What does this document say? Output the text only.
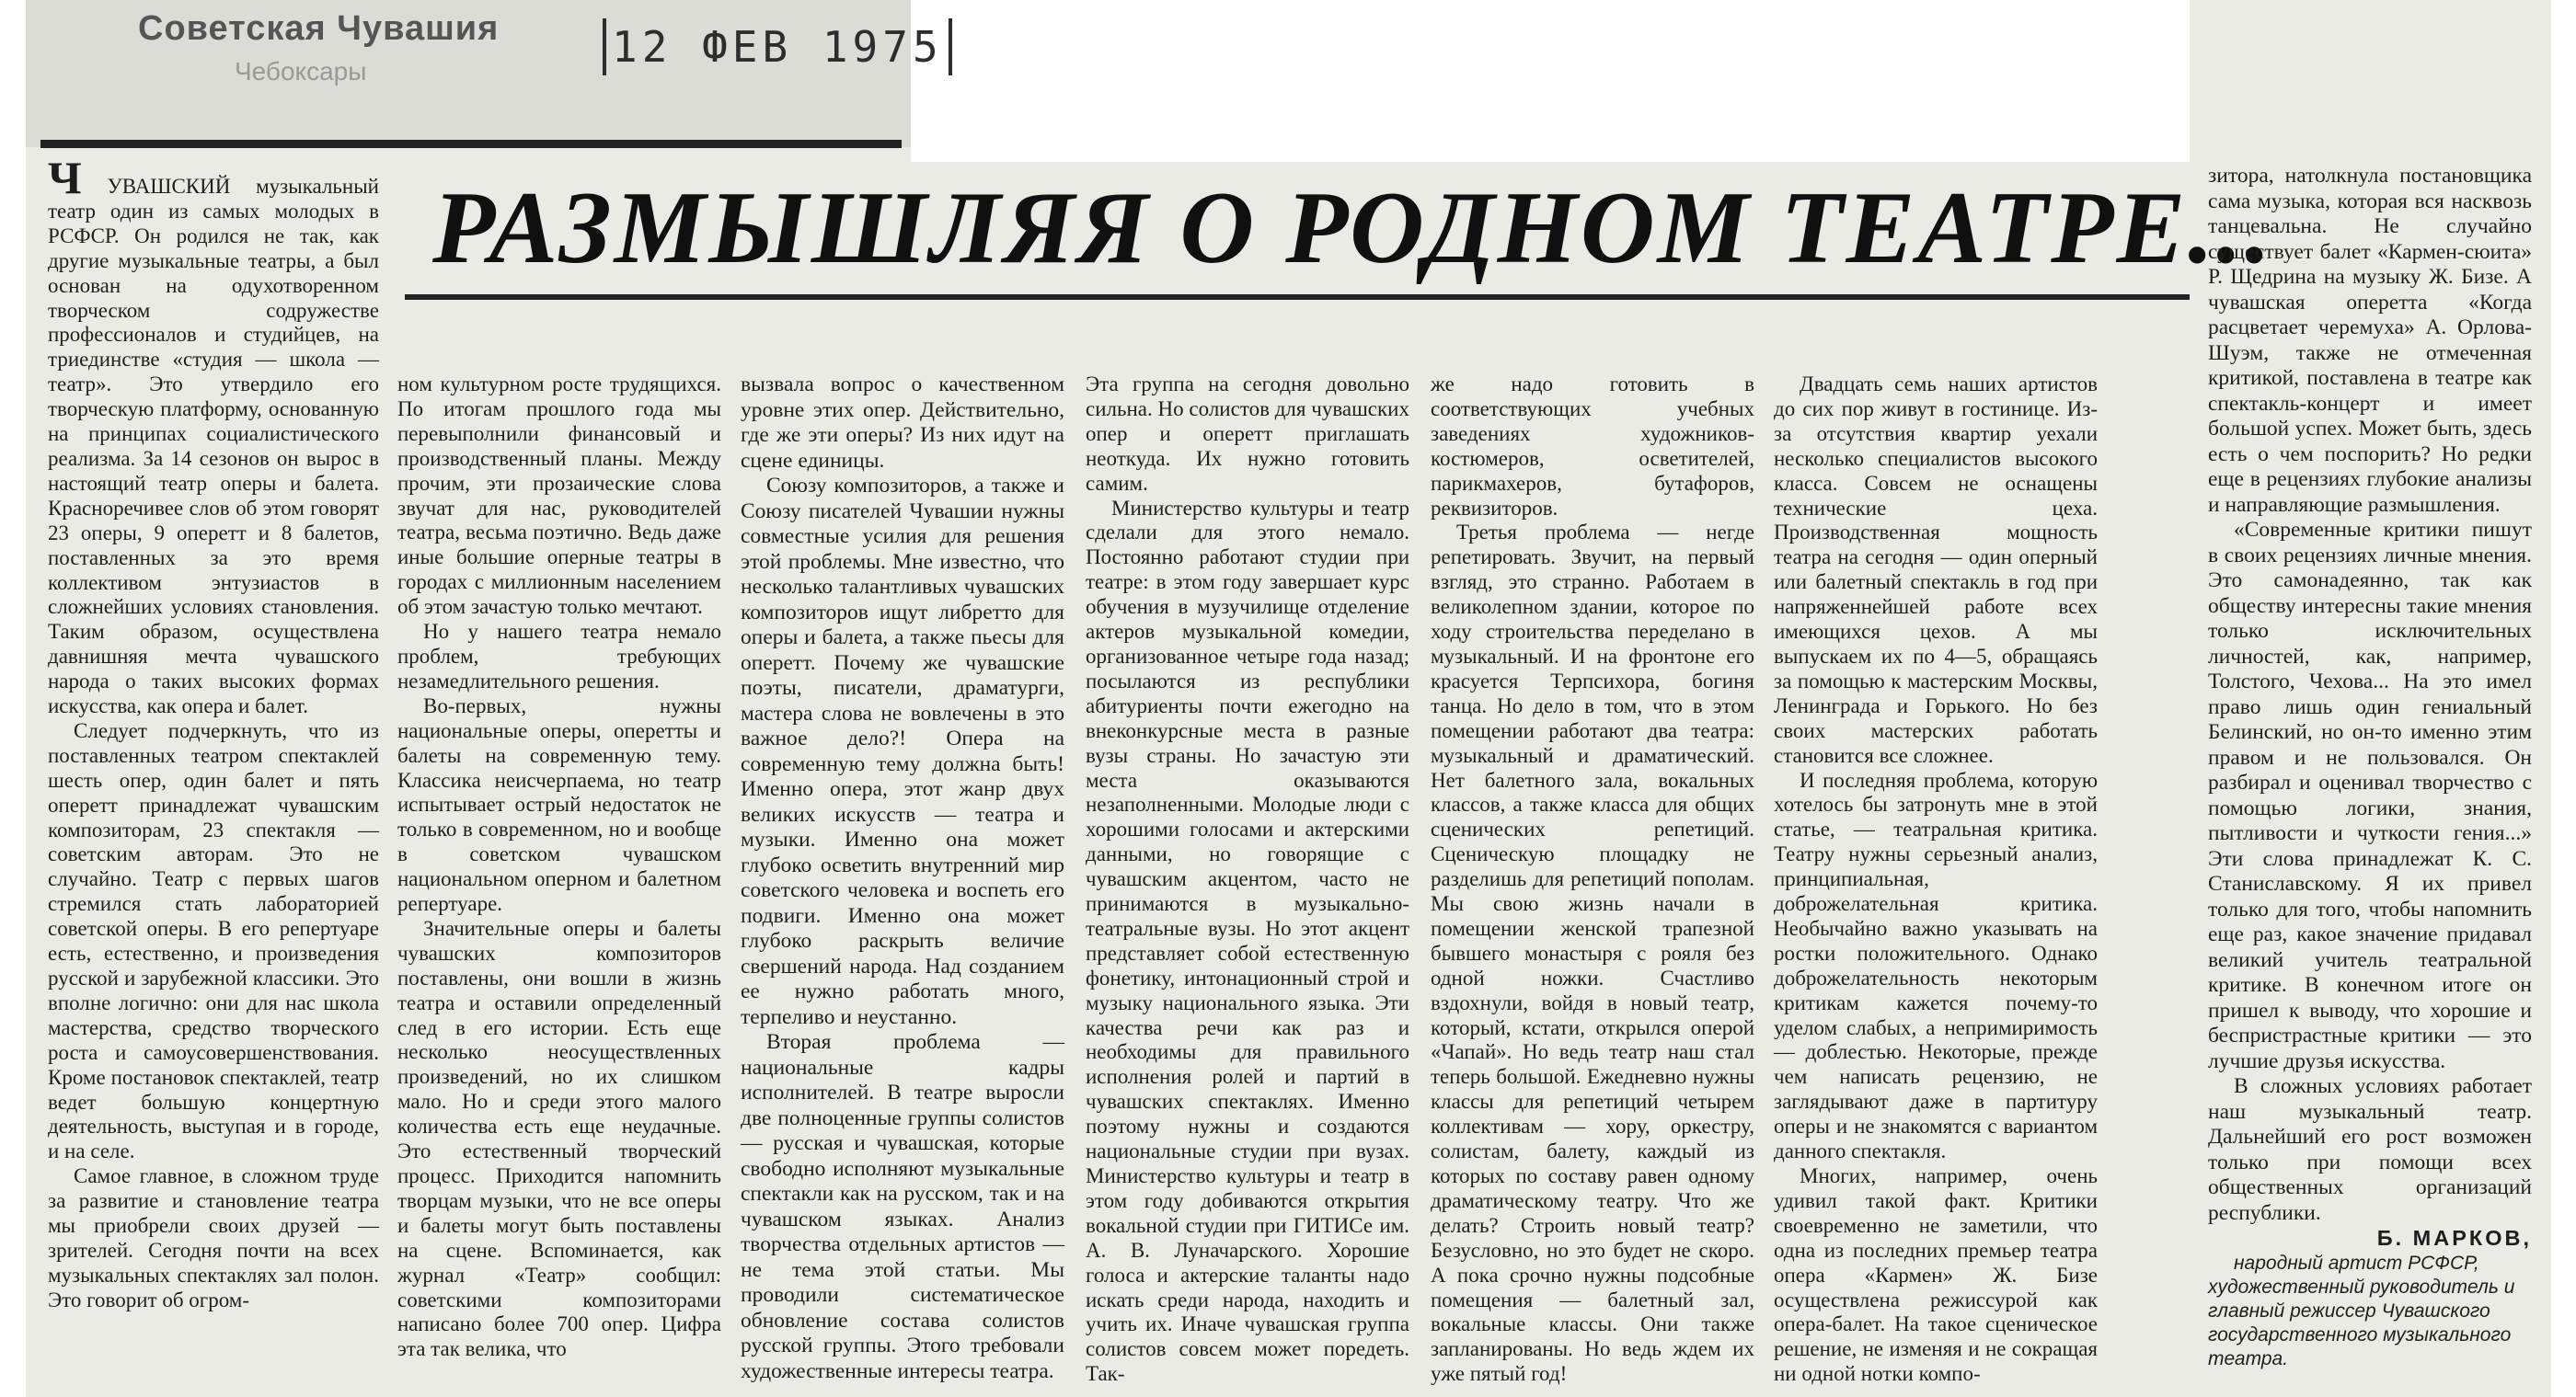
Советская Чувашия
Чебоксары	12 ФЕВ 1975
РАЗМЫШЛЯЯ О РОДНОМ ТЕАТРЕ...

Ч УВАШСКИЙ музыкальный театр один из самых молодых в РСФСР. Он родился не так, как другие музыкальные театры, а был основан на одухотворенном творческом содружестве профессионалов и студийцев, на триединстве «студия — школа — театр». Это утвердило его творческую платформу, основанную на принципах социалистического реализма. За 14 сезонов он вырос в настоящий театр оперы и балета. Красноречивее слов об этом говорят 23 оперы, 9 оперетт и 8 балетов, поставленных за это время коллективом энтузиастов в сложнейших условиях становления. Таким образом, осуществлена давнишняя мечта чувашского народа о таких высоких формах искусства, как опера и балет.

Следует подчеркнуть, что из поставленных театром спектаклей шесть опер, один балет и пять оперетт принадлежат чувашским композиторам, 23 спектакля — советским авторам. Это не случайно. Театр с первых шагов стремился стать лабораторией советской оперы. В его репертуаре есть, естественно, и произведения русской и зарубежной классики. Это вполне логично: они для нас школа мастерства, средство творческого роста и самоусовершенствования. Кроме постановок спектаклей, театр ведет большую концертную деятельность, выступая и в городе, и на селе.

Самое главное, в сложном труде за развитие и становление театра мы приобрели своих друзей — зрителей. Сегодня почти на всех музыкальных спектаклях зал полон. Это говорит об огром-

ном культурном росте трудящихся. По итогам прошлого года мы перевыполнили финансовый и производственный планы. Между прочим, эти прозаические слова звучат для нас, руководителей театра, весьма поэтично. Ведь даже иные большие оперные театры в городах с миллионным населением об этом зачастую только мечтают.

Но у нашего театра немало проблем, требующих незамедлительного решения.

Во-первых, нужны национальные оперы, оперетты и балеты на современную тему. Классика неисчерпаема, но театр испытывает острый недостаток не только в современном, но и вообще в советском чувашском национальном оперном и балетном репертуаре.

Значительные оперы и балеты чувашских композиторов поставлены, они вошли в жизнь театра и оставили определенный след в его истории. Есть еще несколько неосуществленных произведений, но их слишком мало. Но и среди этого малого количества есть еще неудачные. Это естественный творческий процесс. Приходится напомнить творцам музыки, что не все оперы и балеты могут быть поставлены на сцене. Вспоминается, как журнал «Театр» сообщил: советскими композиторами написано более 700 опер. Цифра эта так велика, что

вызвала вопрос о качественном уровне этих опер. Действительно, где же эти оперы? Из них идут на сцене единицы.

Союзу композиторов, а также и Союзу писателей Чувашии нужны совместные усилия для решения этой проблемы. Мне известно, что несколько талантливых чувашских композиторов ищут либретто для оперы и балета, а также пьесы для оперетт. Почему же чувашские поэты, писатели, драматурги, мастера слова не вовлечены в это важное дело?! Опера на современную тему должна быть! Именно опера, этот жанр двух великих искусств — театра и музыки. Именно она может глубоко осветить внутренний мир советского человека и воспеть его подвиги. Именно она может глубоко раскрыть величие свершений народа. Над созданием ее нужно работать много, терпеливо и неустанно.

Вторая проблема — национальные кадры исполнителей. В театре выросли две полноценные группы солистов — русская и чувашская, которые свободно исполняют музыкальные спектакли как на русском, так и на чувашском языках. Анализ творчества отдельных артистов — не тема этой статьи. Мы проводили систематическое обновление состава солистов русской группы. Этого требовали художественные интересы театра.

Эта группа на сегодня довольно сильна. Но солистов для чувашских опер и оперетт приглашать неоткуда. Их нужно готовить самим.

Министерство культуры и театр сделали для этого немало. Постоянно работают студии при театре: в этом году завершает курс обучения в музучилище отделение актеров музыкальной комедии, организованное четыре года назад; посылаются из республики абитуриенты почти ежегодно на внеконкурсные места в разные вузы страны. Но зачастую эти места оказываются незаполненными. Молодые люди с хорошими голосами и актерскими данными, но говорящие с чувашским акцентом, часто не принимаются в музыкально-театральные вузы. Но этот акцент представляет собой естественную фонетику, интонационный строй и музыку национального языка. Эти качества речи как раз и необходимы для правильного исполнения ролей и партий в чувашских спектаклях. Именно поэтому нужны и создаются национальные студии при вузах. Министерство культуры и театр в этом году добиваются открытия вокальной студии при ГИТИСе им. А. В. Луначарского. Хорошие голоса и актерские таланты надо искать среди народа, находить и учить их. Иначе чувашская группа солистов совсем может поредеть. Так-

же надо готовить в соответствующих учебных заведениях художников-костюмеров, осветителей, парикмахеров, бутафоров, реквизиторов.

Третья проблема — негде репетировать. Звучит, на первый взгляд, это странно. Работаем в великолепном здании, которое по ходу строительства переделано в музыкальный. И на фронтоне его красуется Терпсихора, богиня танца. Но дело в том, что в этом помещении работают два театра: музыкальный и драматический. Нет балетного зала, вокальных классов, а также класса для общих сценических репетиций. Сценическую площадку не разделишь для репетиций пополам. Мы свою жизнь начали в помещении женской трапезной бывшего монастыря с рояля без одной ножки. Счастливо вздохнули, войдя в новый театр, который, кстати, открылся оперой «Чапай». Но ведь театр наш стал теперь большой. Ежедневно нужны классы для репетиций четырем коллективам — хору, оркестру, солистам, балету, каждый из которых по составу равен одному драматическому театру. Что же делать? Строить новый театр? Безусловно, но это будет не скоро. А пока срочно нужны подсобные помещения — балетный зал, вокальные классы. Они также запланированы. Но ведь ждем их уже пятый год!

Двадцать семь наших артистов до сих пор живут в гостинице. Из-за отсутствия квартир уехали несколько специалистов высокого класса. Совсем не оснащены технические цеха. Производственная мощность театра на сегодня — один оперный или балетный спектакль в год при напряженнейшей работе всех имеющихся цехов. А мы выпускаем их по 4—5, обращаясь за помощью к мастерским Москвы, Ленинграда и Горького. Но без своих мастерских работать становится все сложнее.

И последняя проблема, которую хотелось бы затронуть мне в этой статье, — театральная критика. Театру нужны серьезный анализ, принципиальная, доброжелательная критика. Необычайно важно указывать на ростки положительного. Однако доброжелательность некоторым критикам кажется почему-то уделом слабых, а непримиримость — доблестью. Некоторые, прежде чем написать рецензию, не заглядывают даже в партитуру оперы и не знакомятся с вариантом данного спектакля.

Многих, например, очень удивил такой факт. Критики своевременно не заметили, что одна из последних премьер театра опера «Кармен» Ж. Бизе осуществлена режиссурой как опера-балет. На такое сценическое решение, не изменяя и не сокращая ни одной нотки компо-

зитора, натолкнула постановщика сама музыка, которая вся насквозь танцевальна. Не случайно существует балет «Кармен-сюита» Р. Щедрина на музыку Ж. Бизе. А чувашская оперетта «Когда расцветает черемуха» А. Орлова-Шуэм, также не отмеченная критикой, поставлена в театре как спектакль-концерт и имеет большой успех. Может быть, здесь есть о чем поспорить? Но редки еще в рецензиях глубокие анализы и направляющие размышления.

«Современные критики пишут в своих рецензиях личные мнения. Это самонадеянно, так как обществу интересны такие мнения только исключительных личностей, как, например, Толстого, Чехова... На это имел право лишь один гениальный Белинский, но он-то именно этим правом и не пользовался. Он разбирал и оценивал творчество с помощью логики, знания, пытливости и чуткости гения...» Эти слова принадлежат К. С. Станиславскому. Я их привел только для того, чтобы напомнить еще раз, какое значение придавал великий учитель театральной критике. В конечном итоге он пришел к выводу, что хорошие и беспристрастные критики — это лучшие друзья искусства.

В сложных условиях работает наш музыкальный театр. Дальнейший его рост возможен только при помощи всех общественных организаций республики.

Б. МАРКОВ,

народный артист РСФСР, художественный руководитель и главный режиссер Чувашского государственного музыкального театра.
